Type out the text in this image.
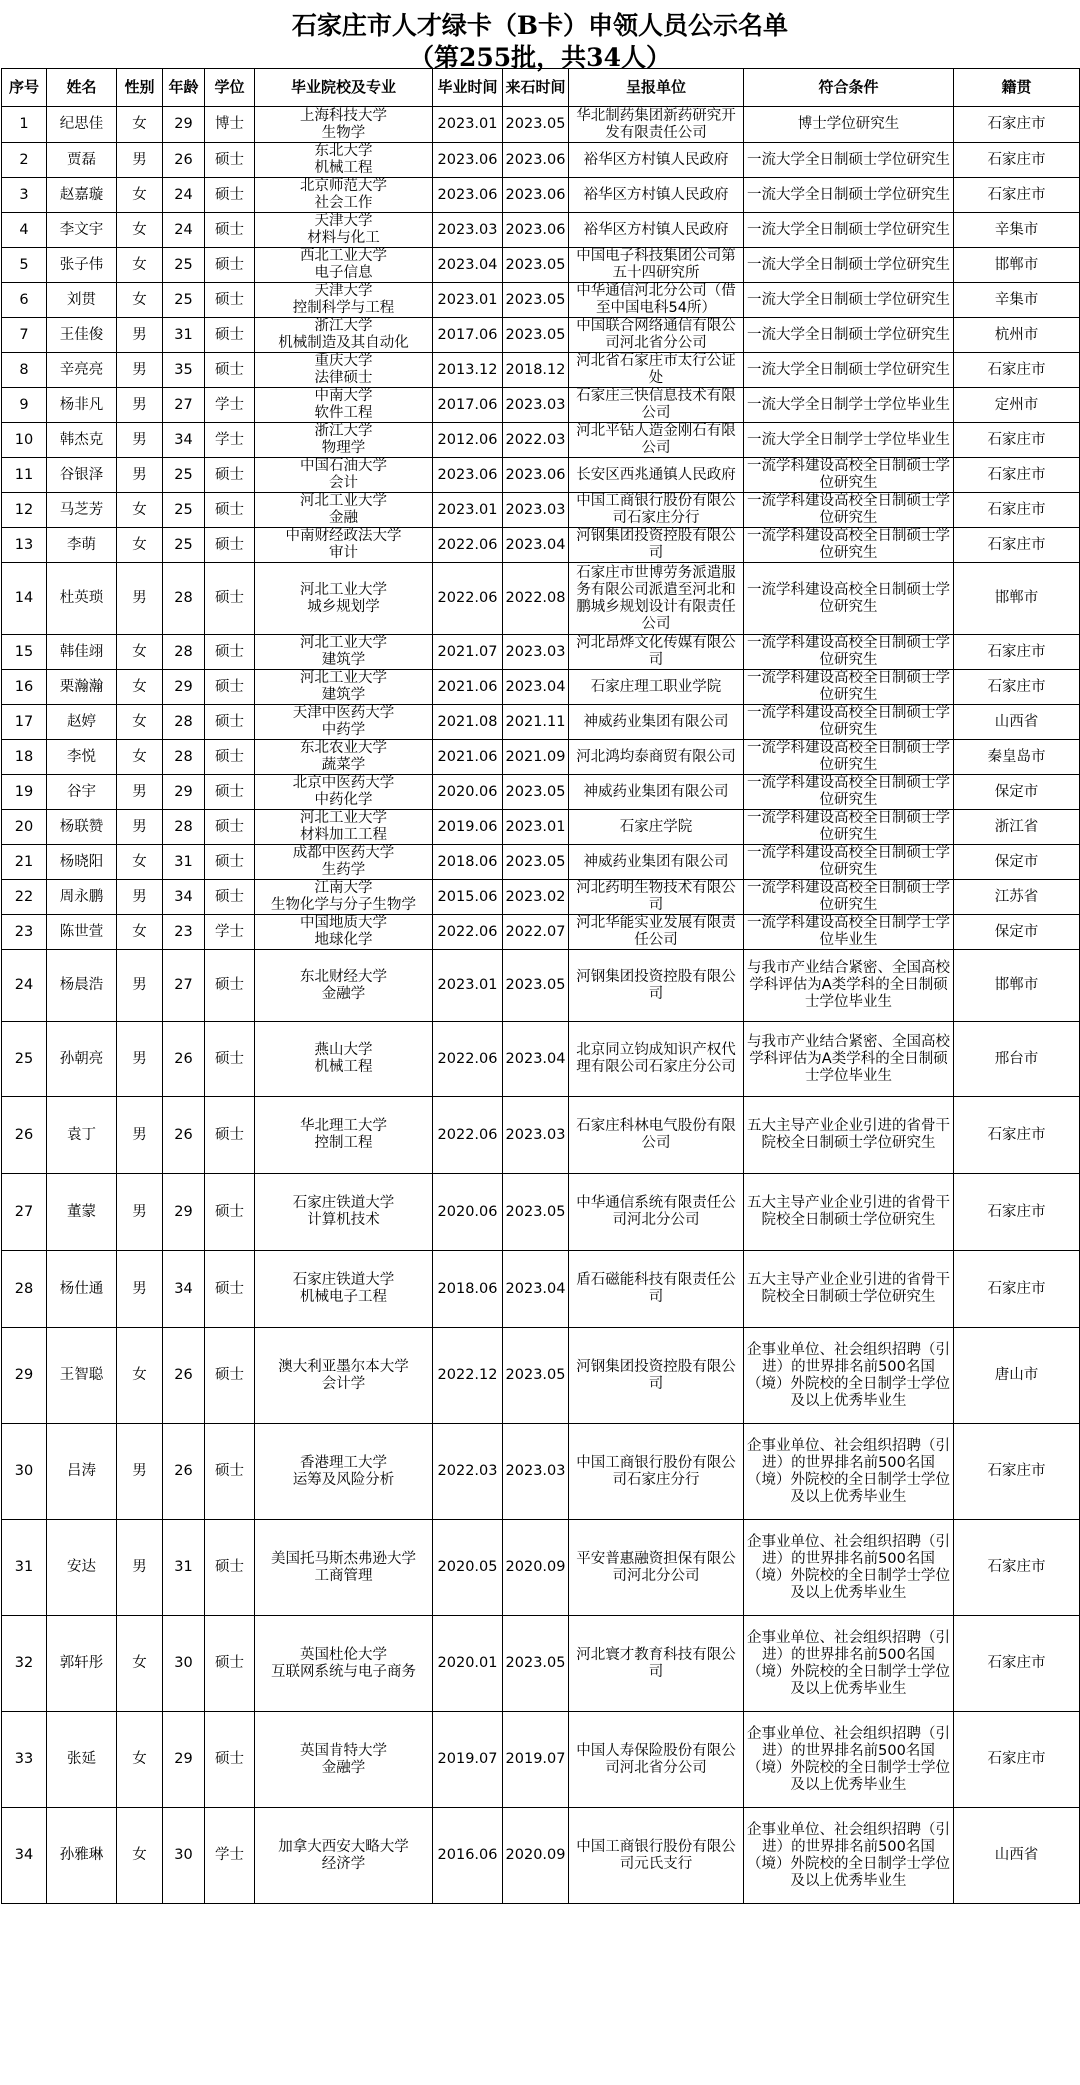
石家庄市人才绿卡（B卡）申领人员公示名单
（第255批，共34人）
序号	姓名	性别	年龄	学位	毕业院校及专业	毕业时间	来石时间	呈报单位	符合条件	籍贯
1	纪思佳	女	29	博士	上海科技大学
生物学	2023.01	2023.05	华北制药集团新药研究开发有限责任公司	博士学位研究生	石家庄市
2	贾磊	男	26	硕士	东北大学
机械工程	2023.06	2023.06	裕华区方村镇人民政府	一流大学全日制硕士学位研究生	石家庄市
3	赵嘉璇	女	24	硕士	北京师范大学
社会工作	2023.06	2023.06	裕华区方村镇人民政府	一流大学全日制硕士学位研究生	石家庄市
4	李文宇	女	24	硕士	天津大学
材料与化工	2023.03	2023.06	裕华区方村镇人民政府	一流大学全日制硕士学位研究生	辛集市
5	张子伟	女	25	硕士	西北工业大学
电子信息	2023.04	2023.05	中国电子科技集团公司第五十四研究所	一流大学全日制硕士学位研究生	邯郸市
6	刘贯	女	25	硕士	天津大学
控制科学与工程	2023.01	2023.05	中华通信河北分公司（借至中国电科54所）	一流大学全日制硕士学位研究生	辛集市
7	王佳俊	男	31	硕士	浙江大学
机械制造及其自动化	2017.06	2023.05	中国联合网络通信有限公司河北省分公司	一流大学全日制硕士学位研究生	杭州市
8	辛亮亮	男	35	硕士	重庆大学
法律硕士	2013.12	2018.12	河北省石家庄市太行公证处	一流大学全日制硕士学位研究生	石家庄市
9	杨非凡	男	27	学士	中南大学
软件工程	2017.06	2023.03	石家庄三快信息技术有限公司	一流大学全日制学士学位毕业生	定州市
10	韩杰克	男	34	学士	浙江大学
物理学	2012.06	2022.03	河北平钻人造金刚石有限公司	一流大学全日制学士学位毕业生	石家庄市
11	谷银泽	男	25	硕士	中国石油大学
会计	2023.06	2023.06	长安区西兆通镇人民政府	一流学科建设高校全日制硕士学位研究生	石家庄市
12	马芝芳	女	25	硕士	河北工业大学
金融	2023.01	2023.03	中国工商银行股份有限公司石家庄分行	一流学科建设高校全日制硕士学位研究生	石家庄市
13	李萌	女	25	硕士	中南财经政法大学
审计	2022.06	2023.04	河钢集团投资控股有限公司	一流学科建设高校全日制硕士学位研究生	石家庄市
14	杜英琐	男	28	硕士	河北工业大学
城乡规划学	2022.06	2022.08	石家庄市世博劳务派遣服务有限公司派遣至河北和鹏城乡规划设计有限责任公司	一流学科建设高校全日制硕士学位研究生	邯郸市
15	韩佳翊	女	28	硕士	河北工业大学
建筑学	2021.07	2023.03	河北昂烨文化传媒有限公司	一流学科建设高校全日制硕士学位研究生	石家庄市
16	栗瀚瀚	女	29	硕士	河北工业大学
建筑学	2021.06	2023.04	石家庄理工职业学院	一流学科建设高校全日制硕士学位研究生	石家庄市
17	赵婷	女	28	硕士	天津中医药大学
中药学	2021.08	2021.11	神威药业集团有限公司	一流学科建设高校全日制硕士学位研究生	山西省
18	李悦	女	28	硕士	东北农业大学
蔬菜学	2021.06	2021.09	河北鸿均泰商贸有限公司	一流学科建设高校全日制硕士学位研究生	秦皇岛市
19	谷宇	男	29	硕士	北京中医药大学
中药化学	2020.06	2023.05	神威药业集团有限公司	一流学科建设高校全日制硕士学位研究生	保定市
20	杨联赞	男	28	硕士	河北工业大学
材料加工工程	2019.06	2023.01	石家庄学院	一流学科建设高校全日制硕士学位研究生	浙江省
21	杨晓阳	女	31	硕士	成都中医药大学
生药学	2018.06	2023.05	神威药业集团有限公司	一流学科建设高校全日制硕士学位研究生	保定市
22	周永鹏	男	34	硕士	江南大学
生物化学与分子生物学	2015.06	2023.02	河北药明生物技术有限公司	一流学科建设高校全日制硕士学位研究生	江苏省
23	陈世萱	女	23	学士	中国地质大学
地球化学	2022.06	2022.07	河北华能实业发展有限责任公司	一流学科建设高校全日制学士学位毕业生	保定市
24	杨晨浩	男	27	硕士	东北财经大学
金融学	2023.01	2023.05	河钢集团投资控股有限公司	与我市产业结合紧密、全国高校学科评估为A类学科的全日制硕士学位毕业生	邯郸市
25	孙朝亮	男	26	硕士	燕山大学
机械工程	2022.06	2023.04	北京同立钧成知识产权代理有限公司石家庄分公司	与我市产业结合紧密、全国高校学科评估为A类学科的全日制硕士学位毕业生	邢台市
26	袁丁	男	26	硕士	华北理工大学
控制工程	2022.06	2023.03	石家庄科林电气股份有限公司	五大主导产业企业引进的省骨干院校全日制硕士学位研究生	石家庄市
27	董蒙	男	29	硕士	石家庄铁道大学
计算机技术	2020.06	2023.05	中华通信系统有限责任公司河北分公司	五大主导产业企业引进的省骨干院校全日制硕士学位研究生	石家庄市
28	杨仕通	男	34	硕士	石家庄铁道大学
机械电子工程	2018.06	2023.04	盾石磁能科技有限责任公司	五大主导产业企业引进的省骨干院校全日制硕士学位研究生	石家庄市
29	王智聪	女	26	硕士	澳大利亚墨尔本大学
会计学	2022.12	2023.05	河钢集团投资控股有限公司	企事业单位、社会组织招聘（引进）的世界排名前500名国（境）外院校的全日制学士学位及以上优秀毕业生	唐山市
30	吕涛	男	26	硕士	香港理工大学
运筹及风险分析	2022.03	2023.03	中国工商银行股份有限公司石家庄分行	企事业单位、社会组织招聘（引进）的世界排名前500名国（境）外院校的全日制学士学位及以上优秀毕业生	石家庄市
31	安达	男	31	硕士	美国托马斯杰弗逊大学
工商管理	2020.05	2020.09	平安普惠融资担保有限公司河北分公司	企事业单位、社会组织招聘（引进）的世界排名前500名国（境）外院校的全日制学士学位及以上优秀毕业生	石家庄市
32	郭轩彤	女	30	硕士	英国杜伦大学
互联网系统与电子商务	2020.01	2023.05	河北寰才教育科技有限公司	企事业单位、社会组织招聘（引进）的世界排名前500名国（境）外院校的全日制学士学位及以上优秀毕业生	石家庄市
33	张延	女	29	硕士	英国肯特大学
金融学	2019.07	2019.07	中国人寿保险股份有限公司河北省分公司	企事业单位、社会组织招聘（引进）的世界排名前500名国（境）外院校的全日制学士学位及以上优秀毕业生	石家庄市
34	孙雅琳	女	30	学士	加拿大西安大略大学
经济学	2016.06	2020.09	中国工商银行股份有限公司元氏支行	企事业单位、社会组织招聘（引进）的世界排名前500名国（境）外院校的全日制学士学位及以上优秀毕业生	山西省
